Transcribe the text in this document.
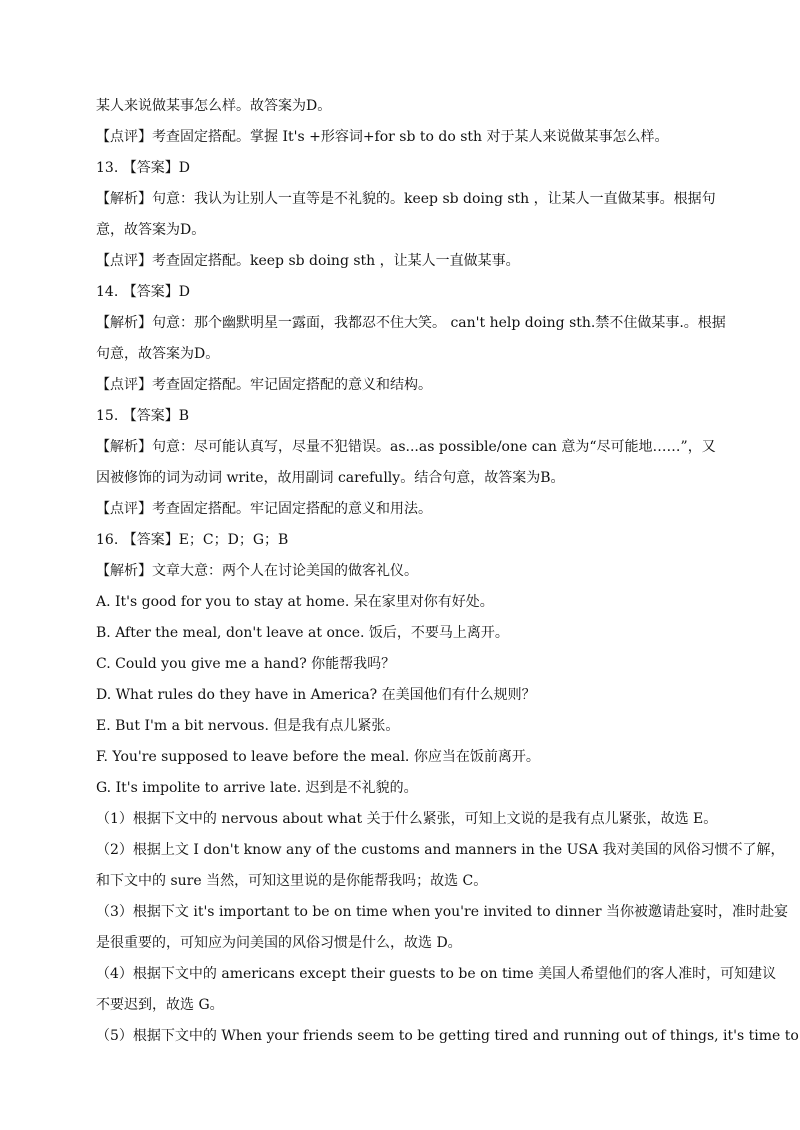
某人来说做某事怎么样。故答案为D。
【点评】考查固定搭配。掌握 It's +形容词+for sb to do sth 对于某人来说做某事怎么样。
13. 【答案】D
【解析】句意：我认为让别人一直等是不礼貌的。keep sb doing sth ，让某人一直做某事。根据句
意，故答案为D。
【点评】考查固定搭配。keep sb doing sth ，让某人一直做某事。
14. 【答案】D
【解析】句意：那个幽默明星一露面，我都忍不住大笑。 can't help doing sth.禁不住做某事.。根据
句意，故答案为D。
【点评】考查固定搭配。牢记固定搭配的意义和结构。
15. 【答案】B
【解析】句意：尽可能认真写，尽量不犯错误。as...as possible/one can 意为“尽可能地……”，又
因被修饰的词为动词 write，故用副词 carefully。结合句意，故答案为B。
【点评】考查固定搭配。牢记固定搭配的意义和用法。
16. 【答案】E；C；D；G；B
【解析】文章大意：两个人在讨论美国的做客礼仪。
A. It's good for you to stay at home. 呆在家里对你有好处。
B. After the meal, don't leave at once. 饭后，不要马上离开。
C. Could you give me a hand? 你能帮我吗？
D. What rules do they have in America? 在美国他们有什么规则？
E. But I'm a bit nervous. 但是我有点儿紧张。
F. You're supposed to leave before the meal. 你应当在饭前离开。
G. It's impolite to arrive late. 迟到是不礼貌的。
（1）根据下文中的 nervous about what 关于什么紧张，可知上文说的是我有点儿紧张，故选 E。
（2）根据上文 I don't know any of the customs and manners in the USA 我对美国的风俗习惯不了解，
和下文中的 sure 当然，可知这里说的是你能帮我吗；故选 C。
（3）根据下文 it's important to be on time when you're invited to dinner 当你被邀请赴宴时，准时赴宴
是很重要的，可知应为问美国的风俗习惯是什么，故选 D。
（4）根据下文中的 americans except their guests to be on time 美国人希望他们的客人准时，可知建议
不要迟到，故选 G。
（5）根据下文中的 When your friends seem to be getting tired and running out of things, it's time to
